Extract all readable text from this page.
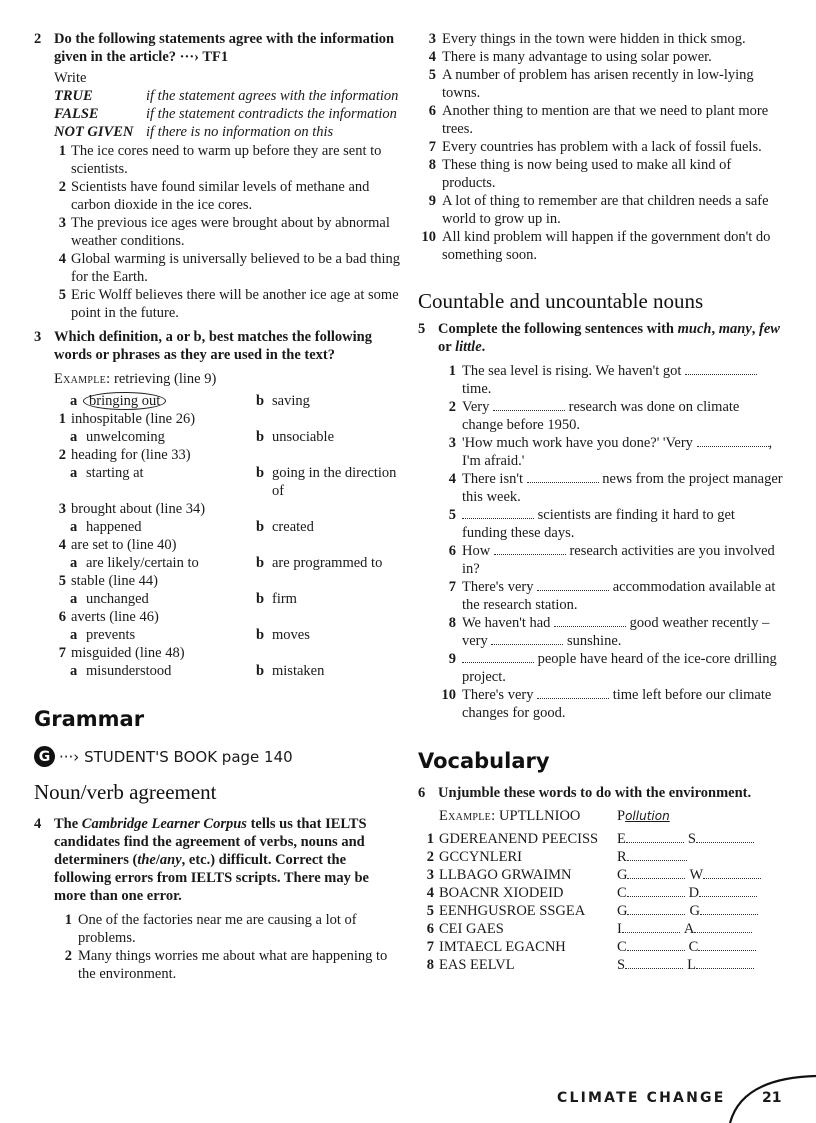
2 Do the following statements agree with the information given in the article? ···› TF1
Write
TRUE	if the statement agrees with the information
FALSE	if the statement contradicts the information
NOT GIVEN if there is no information on this
1 The ice cores need to warm up before they are sent to scientists.
2 Scientists have found similar levels of methane and carbon dioxide in the ice cores.
3 The previous ice ages were brought about by abnormal weather conditions.
4 Global warming is universally believed to be a bad thing for the Earth.
5 Eric Wolff believes there will be another ice age at some point in the future.
3 Which definition, a or b, best matches the following words or phrases as they are used in the text?
Example: retrieving (line 9)
a bringing out	b saving
1 inhospitable (line 26)
a unwelcoming	b unsociable
2 heading for (line 33)
a starting at	b going in the direction of
3 brought about (line 34)
a happened	b created
4 are set to (line 40)
a are likely/certain to	b are programmed to
5 stable (line 44)
a unchanged	b firm
6 averts (line 46)
a prevents	b moves
7 misguided (line 48)
a misunderstood	b mistaken
Grammar
G ···› STUDENT'S BOOK page 140
Noun/verb agreement
4 The Cambridge Learner Corpus tells us that IELTS candidates find the agreement of verbs, nouns and determiners (the/any, etc.) difficult. Correct the following errors from IELTS scripts. There may be more than one error.
1 One of the factories near me are causing a lot of problems.
2 Many things worries me about what are happening to the environment.
3 Every things in the town were hidden in thick smog.
4 There is many advantage to using solar power.
5 A number of problem has arisen recently in low-lying towns.
6 Another thing to mention are that we need to plant more trees.
7 Every countries has problem with a lack of fossil fuels.
8 These thing is now being used to make all kind of products.
9 A lot of thing to remember are that children needs a safe world to grow up in.
10 All kind problem will happen if the government don't do something soon.
Countable and uncountable nouns
5 Complete the following sentences with much, many, few or little.
1 The sea level is rising. We haven't got  time.
2 Very	research was done on climate change before 1950.
3 'How much work have you done?' 'Very	, I'm afraid.'
4 There isn't	news from the project manager this week.
5	scientists are finding it hard to get funding these days.
6 How	research activities are you involved in?
7 There's very	accommodation available at the research station.
8 We haven't had	good weather recently – very	sunshine.
9	people have heard of the ice-core drilling project.
10 There's very	time left before our climate changes for good.
Vocabulary
6 Unjumble these words to do with the environment.
Example: UPTLLNIOO	Pollution
1 GDEREANEND PEECISS	E	S
2 GCCYNLERI	R
3 LLBAGO GRWAIMN	G	W
4 BOACNR XIODEID	C	D
5 EENHGUSROE SSGEA	G	G
6 CEI GAES	I	A
7 IMTAECL EGACNH	C	C
8 EAS EELVL	S	L
CLIMATE CHANGE	21
